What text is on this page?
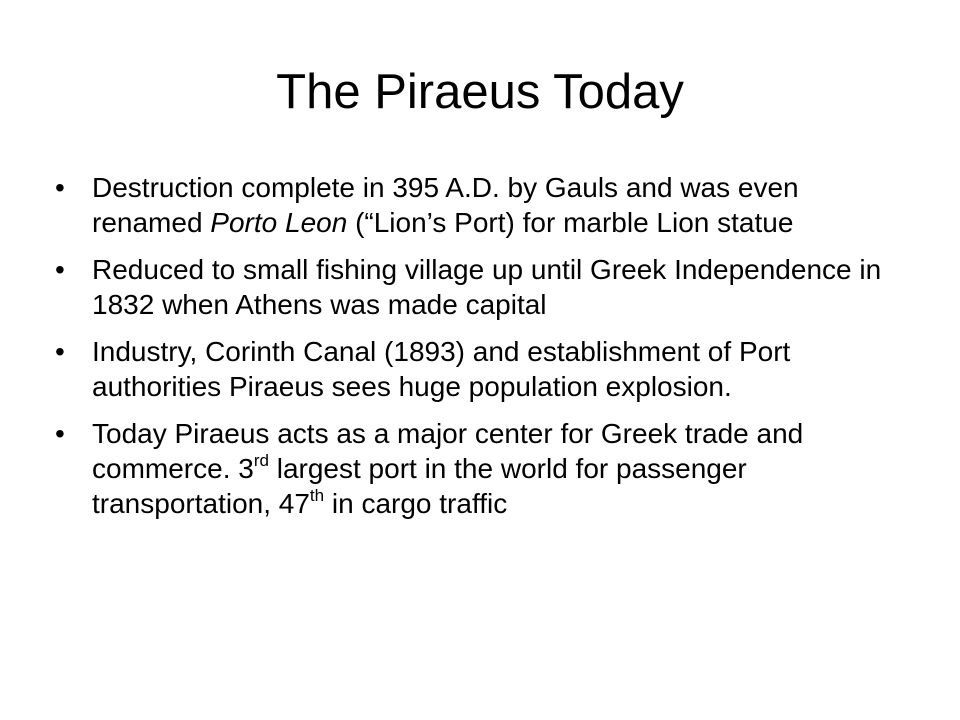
The Piraeus Today
• Destruction complete in 395 A.D. by Gauls and was even renamed Porto Leon (“Lion’s Port) for marble Lion statue
• Reduced to small fishing village up until Greek Independence in 1832 when Athens was made capital
• Industry, Corinth Canal (1893) and establishment of Port authorities Piraeus sees huge population explosion.
• Today Piraeus acts as a major center for Greek trade and commerce. 3rd largest port in the world for passenger transportation, 47th in cargo traffic
